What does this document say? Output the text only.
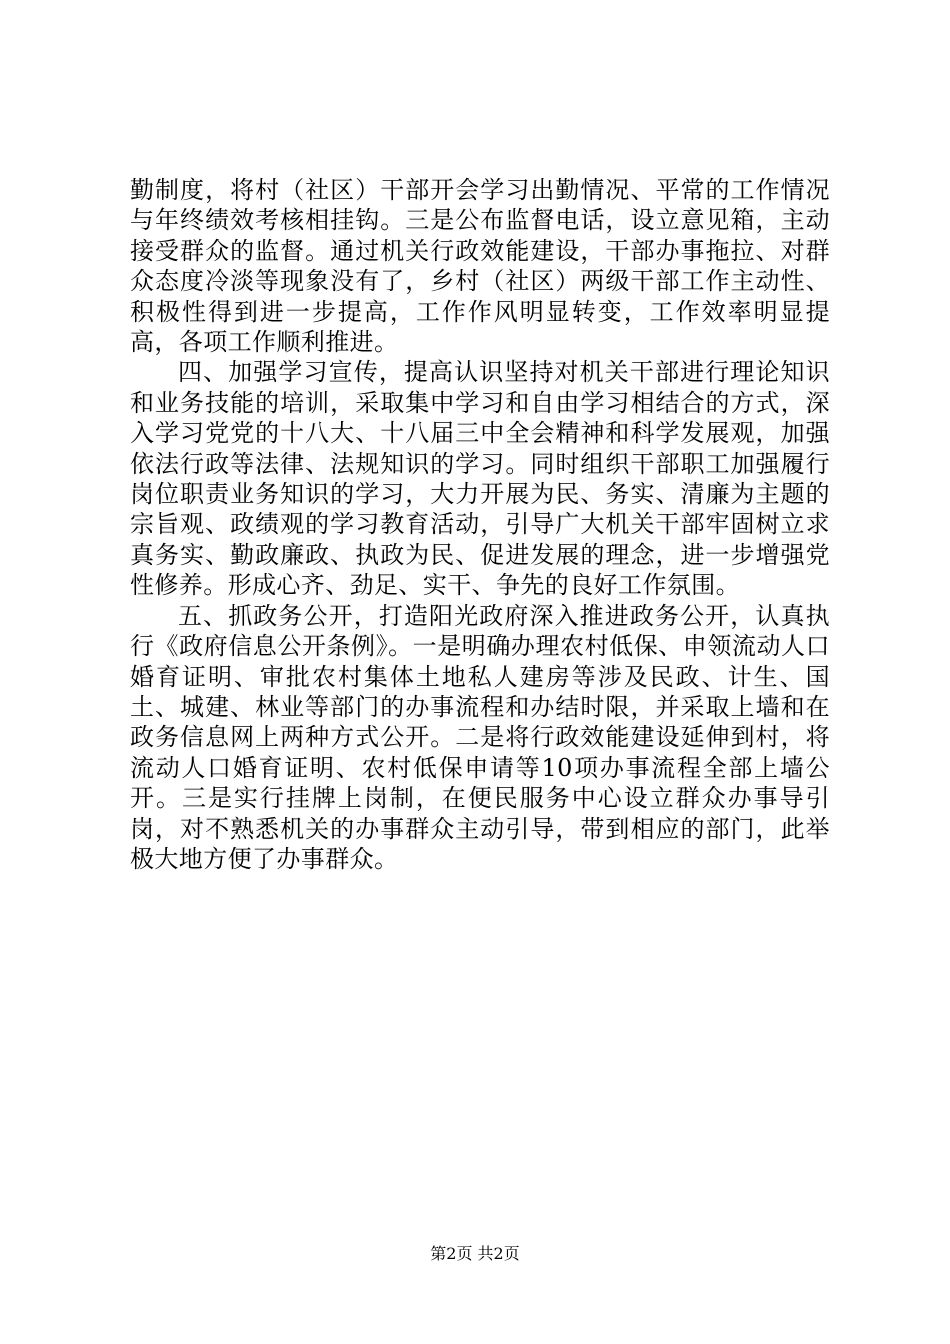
勤制度，将村（社区）干部开会学习出勤情况、平常的工作情况与年终绩效考核相挂钩。三是公布监督电话，设立意见箱，主动接受群众的监督。通过机关行政效能建设，干部办事拖拉、对群众态度冷淡等现象没有了，乡村（社区）两级干部工作主动性、积极性得到进一步提高，工作作风明显转变，工作效率明显提高，各项工作顺利推进。

四、加强学习宣传，提高认识坚持对机关干部进行理论知识和业务技能的培训，采取集中学习和自由学习相结合的方式，深入学习党党的十八大、十八届三中全会精神和科学发展观，加强依法行政等法律、法规知识的学习。同时组织干部职工加强履行岗位职责业务知识的学习，大力开展为民、务实、清廉为主题的宗旨观、政绩观的学习教育活动，引导广大机关干部牢固树立求真务实、勤政廉政、执政为民、促进发展的理念，进一步增强党性修养。形成心齐、劲足、实干、争先的良好工作氛围。

五、抓政务公开，打造阳光政府深入推进政务公开，认真执行《政府信息公开条例》。一是明确办理农村低保、申领流动人口婚育证明、审批农村集体土地私人建房等涉及民政、计生、国土、城建、林业等部门的办事流程和办结时限，并采取上墙和在政务信息网上两种方式公开。二是将行政效能建设延伸到村，将流动人口婚育证明、农村低保申请等10项办事流程全部上墙公开。三是实行挂牌上岗制，在便民服务中心设立群众办事导引岗，对不熟悉机关的办事群众主动引导，带到相应的部门，此举极大地方便了办事群众。

第2页 共2页
